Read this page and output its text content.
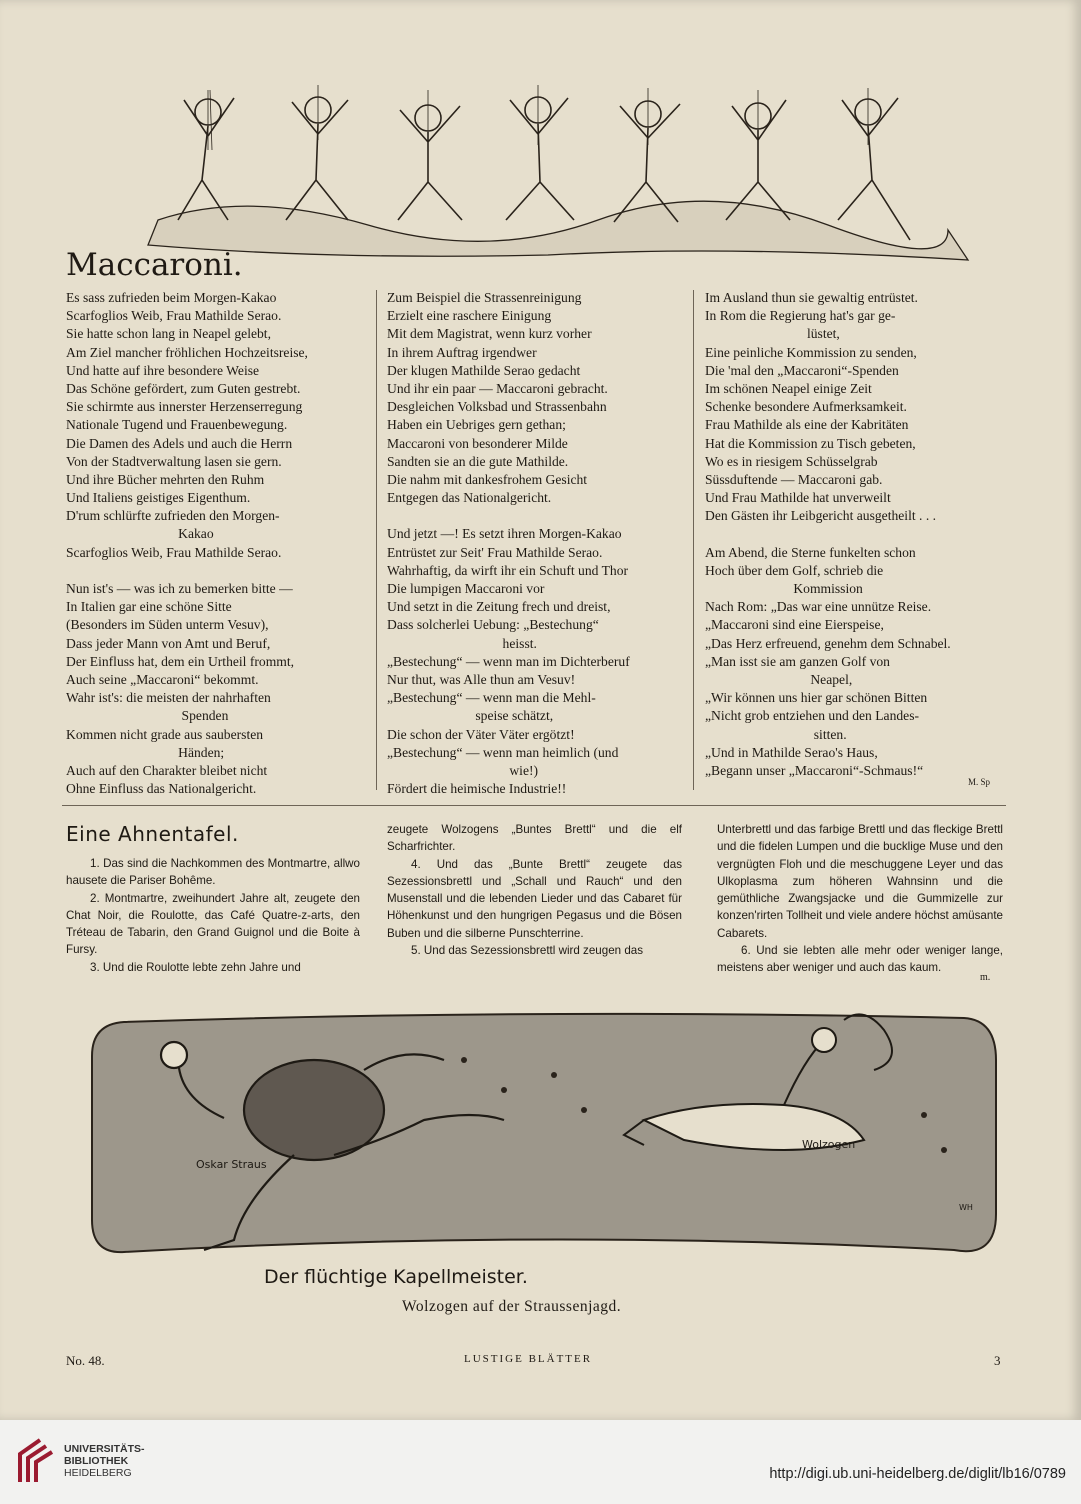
Maccaroni.
Es sass zufrieden beim Morgen-Kakao
Scarfoglios Weib, Frau Mathilde Serao.
Sie hatte schon lang in Neapel gelebt,
Am Ziel mancher fröhlichen Hochzeitsreise,
Und hatte auf ihre besondere Weise
Das Schöne gefördert, zum Guten gestrebt.
Sie schirmte aus innerster Herzenserregung
Nationale Tugend und Frauenbewegung.
Die Damen des Adels und auch die Herrn
Von der Stadtverwaltung lasen sie gern.
Und ihre Bücher mehrten den Ruhm
Und Italiens geistiges Eigenthum.
D'rum schlürfte zufrieden den Morgen-
Kakao
Scarfoglios Weib, Frau Mathilde Serao.
Nun ist's — was ich zu bemerken bitte —
In Italien gar eine schöne Sitte
(Besonders im Süden unterm Vesuv),
Dass jeder Mann von Amt und Beruf,
Der Einfluss hat, dem ein Urtheil frommt,
Auch seine „Maccaroni“ bekommt.
Wahr ist's: die meisten der nahrhaften
Spenden
Kommen nicht grade aus saubersten
Händen;
Auch auf den Charakter bleibet nicht
Ohne Einfluss das Nationalgericht.
Zum Beispiel die Strassenreinigung
Erzielt eine raschere Einigung
Mit dem Magistrat, wenn kurz vorher
In ihrem Auftrag irgendwer
Der klugen Mathilde Serao gedacht
Und ihr ein paar — Maccaroni gebracht.
Desgleichen Volksbad und Strassenbahn
Haben ein Uebriges gern gethan;
Maccaroni von besonderer Milde
Sandten sie an die gute Mathilde.
Die nahm mit dankesfrohem Gesicht
Entgegen das Nationalgericht.
Und jetzt —! Es setzt ihren Morgen-Kakao
Entrüstet zur Seit' Frau Mathilde Serao.
Wahrhaftig, da wirft ihr ein Schuft und Thor
Die lumpigen Maccaroni vor
Und setzt in die Zeitung frech und dreist,
Dass solcherlei Uebung: „Bestechung“
heisst.
„Bestechung“ — wenn man im Dichterberuf
Nur thut, was Alle thun am Vesuv!
„Bestechung“ — wenn man die Mehl-
speise schätzt,
Die schon der Väter Väter ergötzt!
„Bestechung“ — wenn man heimlich (und
wie!)
Fördert die heimische Industrie!!
Im Ausland thun sie gewaltig entrüstet.
In Rom die Regierung hat's gar ge-
lüstet,
Eine peinliche Kommission zu senden,
Die 'mal den „Maccaroni“-Spenden
Im schönen Neapel einige Zeit
Schenke besondere Aufmerksamkeit.
Frau Mathilde als eine der Kabritäten
Hat die Kommission zu Tisch gebeten,
Wo es in riesigem Schüsselgrab
Süssduftende — Maccaroni gab.
Und Frau Mathilde hat unverweilt
Den Gästen ihr Leibgericht ausgetheilt . . .
Am Abend, die Sterne funkelten schon
Hoch über dem Golf, schrieb die
Kommission
Nach Rom: „Das war eine unnütze Reise.
„Maccaroni sind eine Eierspeise,
„Das Herz erfreuend, genehm dem Schnabel.
„Man isst sie am ganzen Golf von
Neapel,
„Wir können uns hier gar schönen Bitten
„Nicht grob entziehen und den Landes-
sitten.
„Und in Mathilde Serao's Haus,
„Begann unser „Maccaroni“-Schmaus!“
M. Sp
Eine Ahnentafel.

1. Das sind die Nachkommen des Montmartre, allwo hausete die Pariser Bohême.

2. Montmartre, zweihundert Jahre alt, zeugete den Chat Noir, die Roulotte, das Café Quatre-z-arts, den Tréteau de Tabarin, den Grand Guignol und die Boite à Fursy.

3. Und die Roulotte lebte zehn Jahre und

zeugete Wolzogens „Buntes Brettl“ und die elf Scharfrichter.

4. Und das „Bunte Brettl“ zeugete das Sezessionsbrettl und „Schall und Rauch“ und den Musenstall und die lebenden Lieder und das Cabaret für Höhenkunst und den hungrigen Pegasus und die Bösen Buben und die silberne Punschterrine.

5. Und das Sezessionsbrettl wird zeugen das

Unterbrettl und das farbige Brettl und das fleckige Brettl und die fidelen Lumpen und die bucklige Muse und den vergnügten Floh und die meschuggene Leyer und das Ulkoplasma zum höheren Wahnsinn und die gemüthliche Zwangsjacke und die Gummizelle zur konzen'rirten Tollheit und viele andere höchst amüsante Cabarets.

6. Und sie lebten alle mehr oder weniger lange, meistens aber weniger und auch das kaum.

m.
Oskar Straus
Wolzogen
WH
Der flüchtige Kapellmeister.
Wolzogen auf der Straussenjagd.
No. 48.	LUSTIGE BLÄTTER	3
UNIVERSITÄTS-
BIBLIOTHEK
HEIDELBERG	http://digi.ub.uni-heidelberg.de/diglit/lb16/0789
